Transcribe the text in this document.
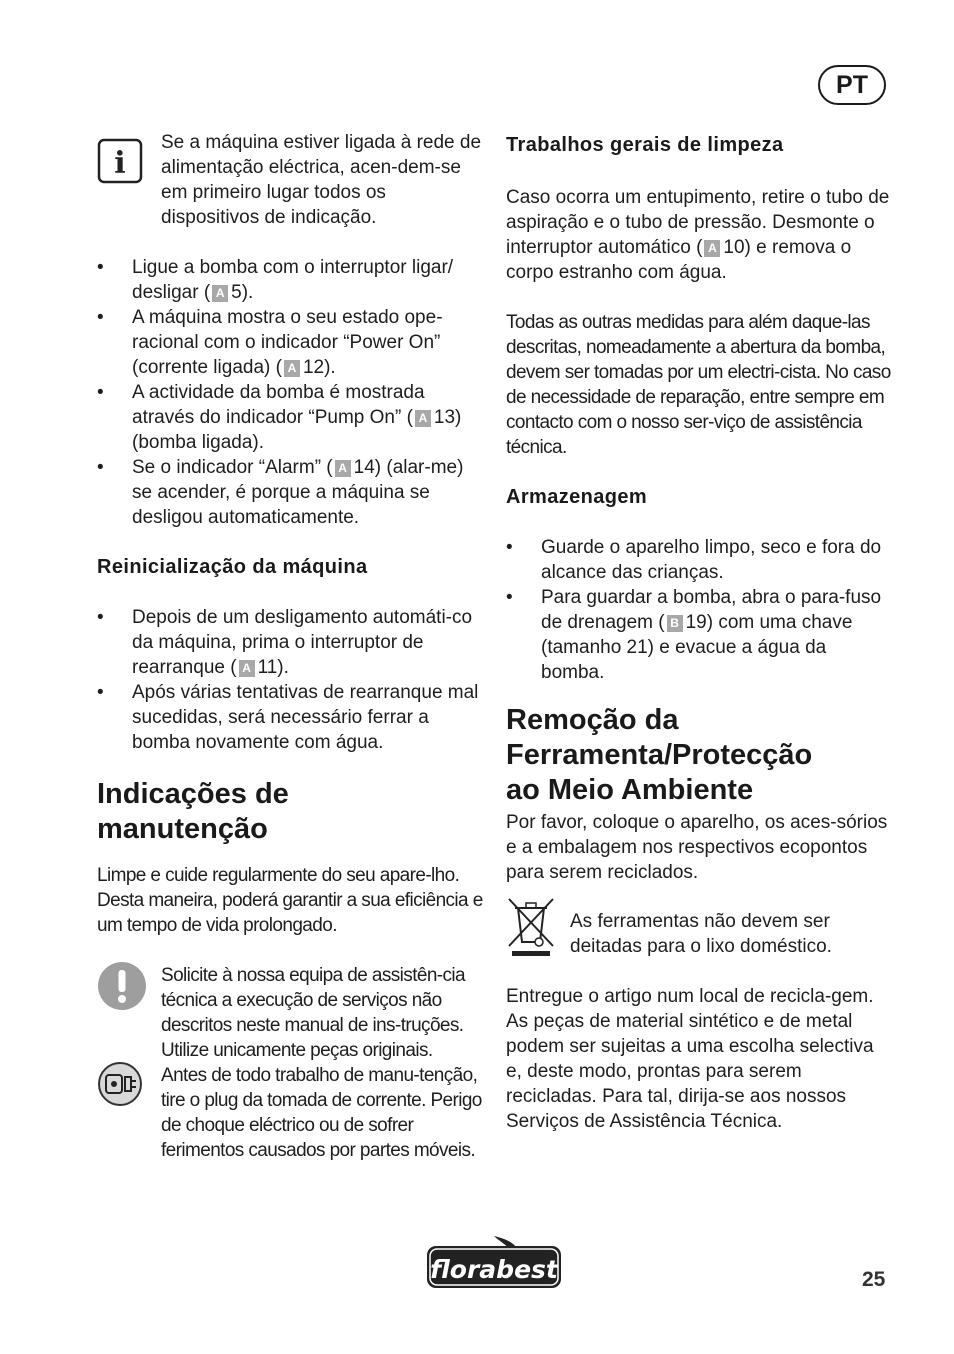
PT
i

Se a máquina estiver ligada à rede de alimentação eléctrica, acen-dem-se em primeiro lugar todos os dispositivos de indicação.

• Ligue a bomba com o interruptor ligar/ desligar ( A 5).
• A máquina mostra o seu estado ope-racional com o indicador “Power On” (corrente ligada) ( A 12).
• A actividade da bomba é mostrada através do indicador “Pump On” ( A 13) (bomba ligada).
• Se o indicador “Alarm” ( A 14) (alar-me) se acender, é porque a máquina se desligou automaticamente.
Reinicialização da máquina
• Depois de um desligamento automáti-co da máquina, prima o interruptor de rearranque ( A 11).
• Após várias tentativas de rearranque mal sucedidas, será necessário ferrar a bomba novamente com água.
Indicações de
manutenção

Limpe e cuide regularmente do seu apare-lho. Desta maneira, poderá garantir a sua eficiência e um tempo de vida prolongado.

Solicite à nossa equipa de assistên-cia técnica a execução de serviços não descritos neste manual de ins-truções. Utilize unicamente peças originais.

Antes de todo trabalho de manu-tenção, tire o plug da tomada de corrente. Perigo de choque eléctrico ou de sofrer ferimentos causados por partes móveis.

Trabalhos gerais de limpeza

Caso ocorra um entupimento, retire o tubo de aspiração e o tubo de pressão. Desmonte o interruptor automático ( A 10) e remova o corpo estranho com água.

Todas as outras medidas para além daque-las descritas, nomeadamente a abertura da bomba, devem ser tomadas por um electri-cista. No caso de necessidade de reparação, entre sempre em contacto com o nosso ser-viço de assistência técnica.

Armazenagem
• Guarde o aparelho limpo, seco e fora do alcance das crianças.
• Para guardar a bomba, abra o para-fuso de drenagem ( B 19) com uma chave (tamanho 21) e evacue a água da bomba.
Remoção da
Ferramenta/Protecção
ao Meio Ambiente

Por favor, coloque o aparelho, os aces-sórios e a embalagem nos respectivos ecopontos para serem reciclados.

As ferramentas não devem ser deitadas para o lixo doméstico.

Entregue o artigo num local de recicla-gem. As peças de material sintético e de metal podem ser sujeitas a uma escolha selectiva e, deste modo, prontas para serem recicladas. Para tal, dirija-se aos nossos Serviços de Assistência Técnica.

florabest	25
